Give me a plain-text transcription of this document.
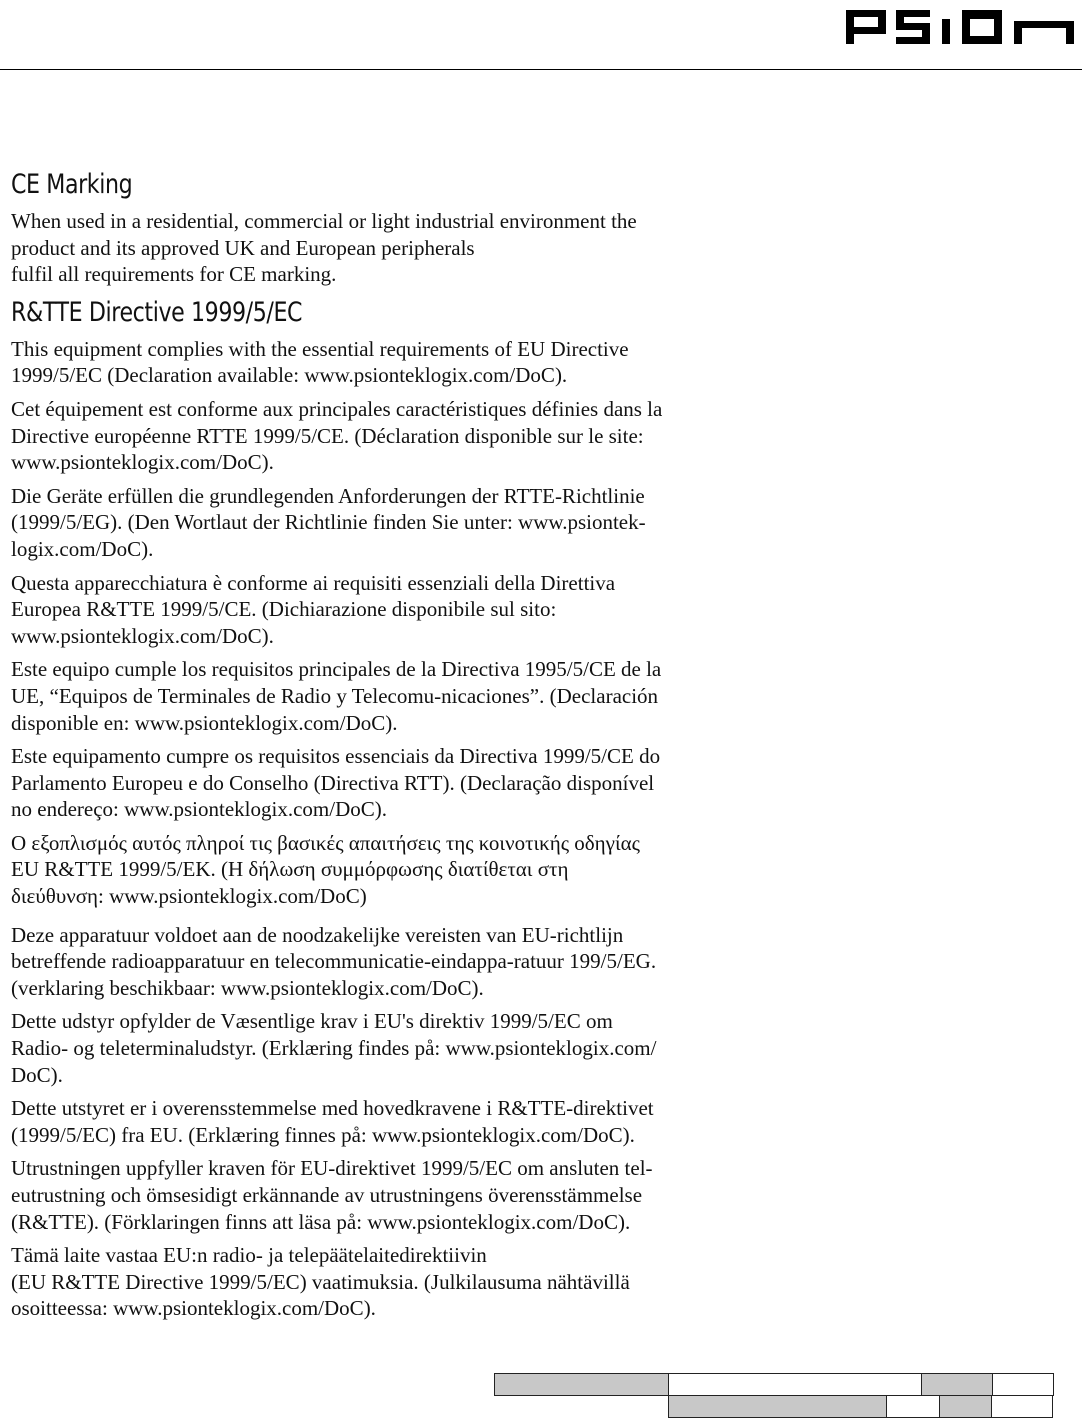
CE Marking

When used in a residential, commercial or light industrial environment the
product and its approved UK and European peripherals
fulfil all requirements for CE marking.

R&TTE Directive 1999/5/EC

This equipment complies with the essential requirements of EU Directive
1999/5/EC (Declaration available: www.psionteklogix.com/DoC).

Cet équipement est conforme aux principales caractéristiques définies dans la
Directive européenne RTTE 1999/5/CE. (Déclaration disponible sur le site:
www.psionteklogix.com/DoC).

Die Geräte erfüllen die grundlegenden Anforderungen der RTTE-Richtlinie
(1999/5/EG). (Den Wortlaut der Richtlinie finden Sie unter: www.psiontek-
logix.com/DoC).

Questa apparecchiatura è conforme ai requisiti essenziali della Direttiva
Europea R&TTE 1999/5/CE. (Dichiarazione disponibile sul sito:
www.psionteklogix.com/DoC).

Este equipo cumple los requisitos principales de la Directiva 1995/5/CE de la
UE, “Equipos de Terminales de Radio y Telecomu-nicaciones”. (Declaración
disponible en: www.psionteklogix.com/DoC).

Este equipamento cumpre os requisitos essenciais da Directiva 1999/5/CE do
Parlamento Europeu e do Conselho (Directiva RTT). (Declaração disponível
no endereço: www.psionteklogix.com/DoC).

Ο εξοπλισμός αυτός πληροί τις βασικές απαιτήσεις της κοινοτικής οδηγίας
EU R&TTE 1999/5/EK. (Η δήλωση συμμόρφωσης διατίθεται στη
διεύθυνση: www.psionteklogix.com/DoC)

Deze apparatuur voldoet aan de noodzakelijke vereisten van EU-richtlijn
betreffende radioapparatuur en telecommunicatie-eindappa-ratuur 199/5/EG.
(verklaring beschikbaar: www.psionteklogix.com/DoC).

Dette udstyr opfylder de Væsentlige krav i EU's direktiv 1999/5/EC om
Radio- og teleterminaludstyr. (Erklæring findes på: www.psionteklogix.com/
DoC).

Dette utstyret er i overensstemmelse med hovedkravene i R&TTE-direktivet
(1999/5/EC) fra EU. (Erklæring finnes på: www.psionteklogix.com/DoC).

Utrustningen uppfyller kraven för EU-direktivet 1999/5/EC om ansluten tel-
eutrustning och ömsesidigt erkännande av utrustningens överensstämmelse
(R&TTE). (Förklaringen finns att läsa på: www.psionteklogix.com/DoC).

Tämä laite vastaa EU:n radio- ja telepäätelaitedirektiivin
(EU R&TTE Directive 1999/5/EC) vaatimuksia. (Julkilausuma nähtävillä
osoitteessa: www.psionteklogix.com/DoC).
